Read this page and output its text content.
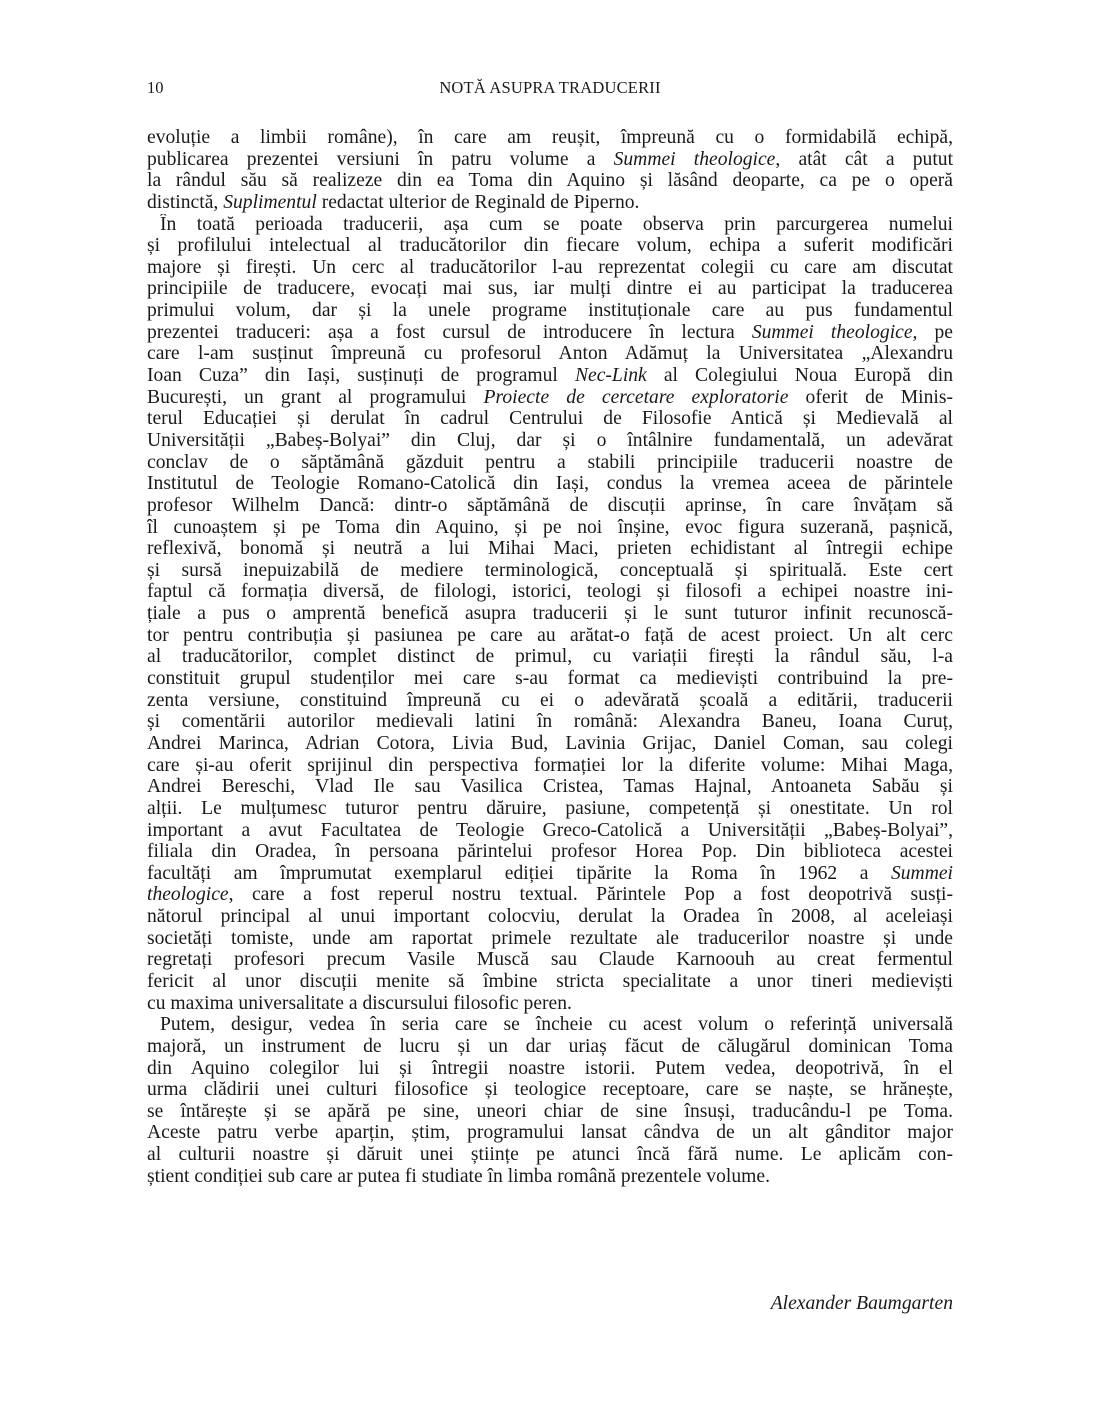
10	NOTĂ ASUPRA TRADUCERII
evoluție a limbii române), în care am reușit, împreună cu o formidabilă echipă,
publicarea prezentei versiuni în patru volume a Summei theologice, atât cât a putut
la rândul său să realizeze din ea Toma din Aquino și lăsând deoparte, ca pe o operă
distinctă, Suplimentul redactat ulterior de Reginald de Piperno.
În toată perioada traducerii, așa cum se poate observa prin parcurgerea numelui
și profilului intelectual al traducătorilor din fiecare volum, echipa a suferit modificări
majore și firești. Un cerc al traducătorilor l-au reprezentat colegii cu care am discutat
principiile de traducere, evocați mai sus, iar mulți dintre ei au participat la traducerea
primului volum, dar și la unele programe instituționale care au pus fundamentul
prezentei traduceri: așa a fost cursul de introducere în lectura Summei theologice, pe
care l-am susținut împreună cu profesorul Anton Adămuț la Universitatea „Alexandru
Ioan Cuza” din Iași, susținuți de programul Nec-Link al Colegiului Noua Europă din
București, un grant al programului Proiecte de cercetare exploratorie oferit de Minis-
terul Educației și derulat în cadrul Centrului de Filosofie Antică și Medievală al
Universității „Babeș-Bolyai” din Cluj, dar și o întâlnire fundamentală, un adevărat
conclav de o săptămână găzduit pentru a stabili principiile traducerii noastre de
Institutul de Teologie Romano-Catolică din Iași, condus la vremea aceea de părintele
profesor Wilhelm Dancă: dintr-o săptămână de discuții aprinse, în care învățam să
îl cunoaștem și pe Toma din Aquino, și pe noi înșine, evoc figura suzerană, pașnică,
reflexivă, bonomă și neutră a lui Mihai Maci, prieten echidistant al întregii echipe
și sursă inepuizabilă de mediere terminologică, conceptuală și spirituală. Este cert
faptul că formația diversă, de filologi, istorici, teologi și filosofi a echipei noastre ini-
țiale a pus o amprentă benefică asupra traducerii și le sunt tuturor infinit recunoscă-
tor pentru contribuția și pasiunea pe care au arătat-o față de acest proiect. Un alt cerc
al traducătorilor, complet distinct de primul, cu variații firești la rândul său, l-a
constituit grupul studenților mei care s-au format ca medieviști contribuind la pre-
zenta versiune, constituind împreună cu ei o adevărată școală a editării, traducerii
și comentării autorilor medievali latini în română: Alexandra Baneu, Ioana Curuț,
Andrei Marinca, Adrian Cotora, Livia Bud, Lavinia Grijac, Daniel Coman, sau colegi
care și-au oferit sprijinul din perspectiva formației lor la diferite volume: Mihai Maga,
Andrei Bereschi, Vlad Ile sau Vasilica Cristea, Tamas Hajnal, Antoaneta Sabău și
alții. Le mulțumesc tuturor pentru dăruire, pasiune, competență și onestitate. Un rol
important a avut Facultatea de Teologie Greco-Catolică a Universității „Babeș-Bolyai”,
filiala din Oradea, în persoana părintelui profesor Horea Pop. Din biblioteca acestei
facultăți am împrumutat exemplarul ediției tipărite la Roma în 1962 a Summei
theologice, care a fost reperul nostru textual. Părintele Pop a fost deopotrivă susți-
nătorul principal al unui important colocviu, derulat la Oradea în 2008, al aceleiași
societăți tomiste, unde am raportat primele rezultate ale traducerilor noastre și unde
regretați profesori precum Vasile Muscă sau Claude Karnoouh au creat fermentul
fericit al unor discuții menite să îmbine stricta specialitate a unor tineri medieviști
cu maxima universalitate a discursului filosofic peren.
Putem, desigur, vedea în seria care se încheie cu acest volum o referință universală
majoră, un instrument de lucru și un dar uriaș făcut de călugărul dominican Toma
din Aquino colegilor lui și întregii noastre istorii. Putem vedea, deopotrivă, în el
urma clădirii unei culturi filosofice și teologice receptoare, care se naște, se hrănește,
se întărește și se apără pe sine, uneori chiar de sine însuși, traducându-l pe Toma.
Aceste patru verbe aparțin, știm, programului lansat cândva de un alt gânditor major
al culturii noastre și dăruit unei științe pe atunci încă fără nume. Le aplicăm con-
știent condiției sub care ar putea fi studiate în limba română prezentele volume.
Alexander Baumgarten
